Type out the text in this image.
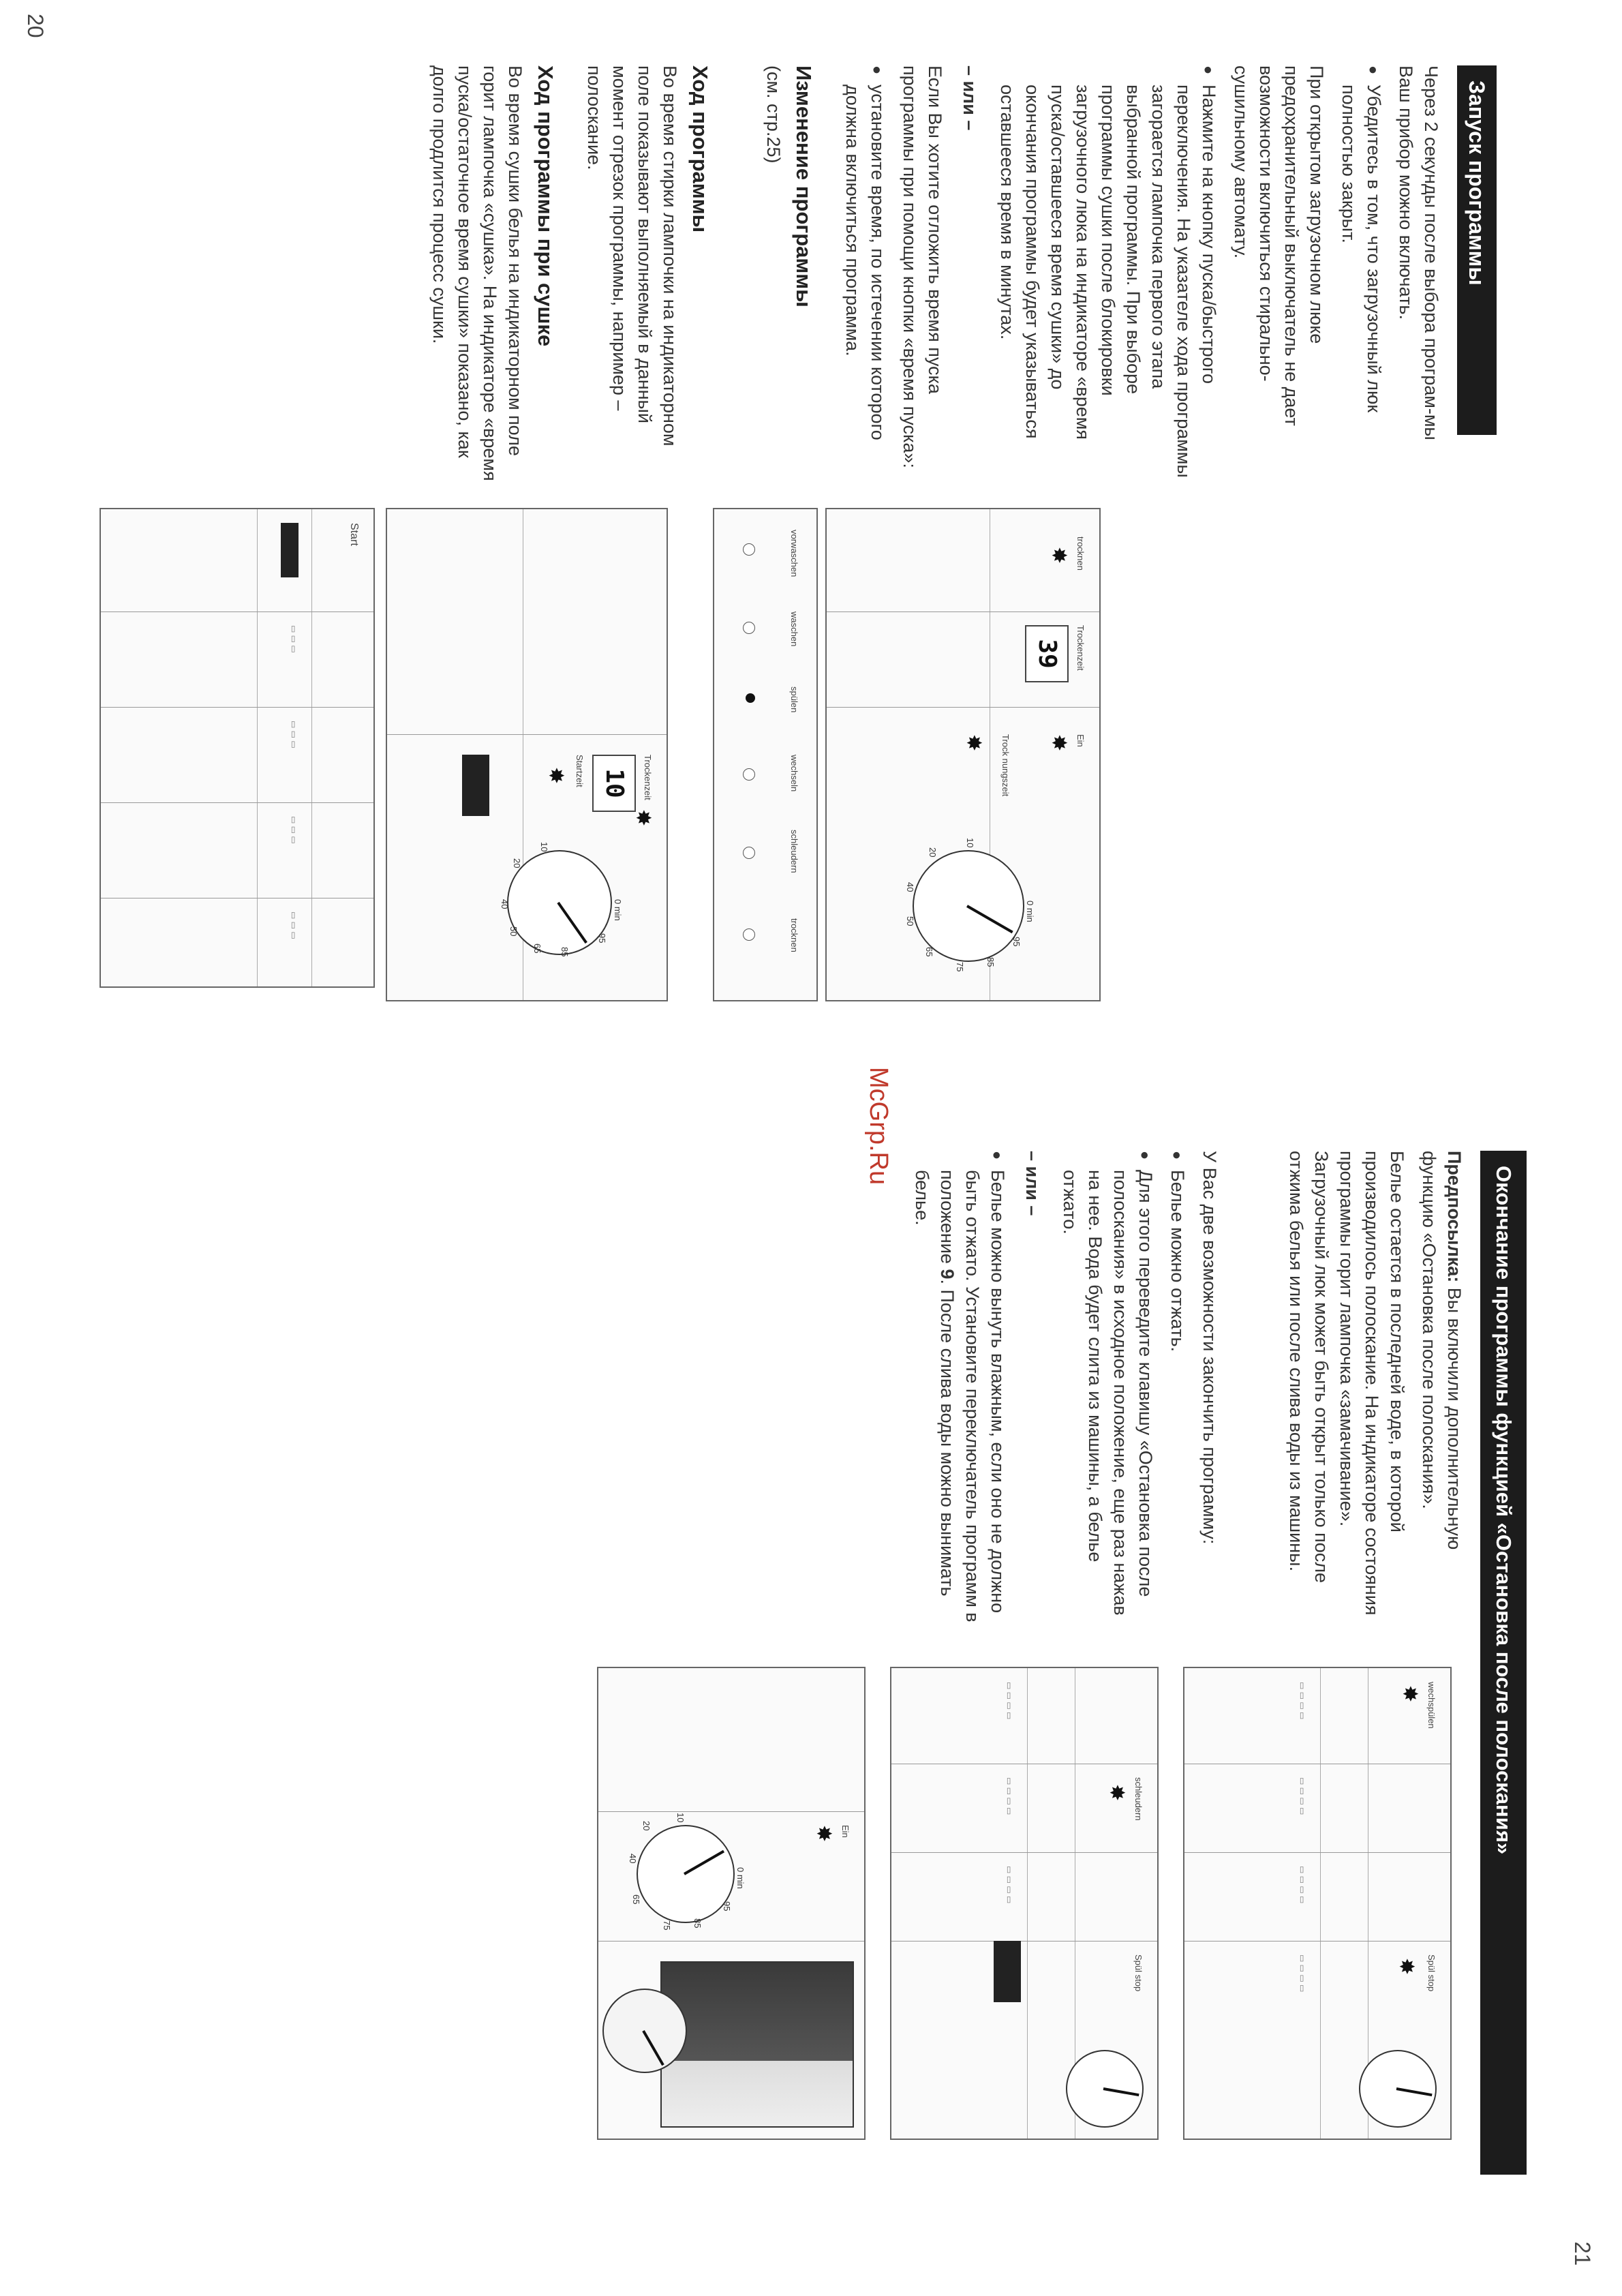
Запуск программы

Через 2 секунды после выбора програм-мы Ваш прибор можно включать.

● Убедитесь в том, что загрузочный люк полностью закрыт.

При открытом загрузочном люке предохранительный выключатель не дает возможности включиться стирально-сушильному автомату.

● Нажмите на кнопку пуска/быстрого переключения. На указателе хода программы загорается лампочка первого этапа выбранной программы. При выборе программы сушки после блокировки загрузочного люка на индикаторе «время пуска/оставшееся время сушки» до окончания программы будет указываться оставшееся время в минутах.
– или –

Если Вы хотите отложить время пуска программы при помощи кнопки «время пуска»:

● установите время, по истечении которого должна включиться программа.
Изменение программы

(см. стр.25)

Ход программы

Во время стирки лампочки на индикаторном поле показывают выполняемый в данный момент отрезок программы, например – полоскание.

Ход программы при сушке

Во время сушки белья на индикаторном поле горит лампочка «сушка». На индикаторе «время пуска/остаточное время сушки» показано, как долго продлится процесс сушки.

Start
▭ ▭ ▭
▭ ▭ ▭
▭ ▭ ▭
▭ ▭ ▭
Trockenzeit
10
Startzeit
✸
0 min
95
85
20
40
50
65
10
✸
vorwaschen
waschen
spülen
wechseln
schleudern
trocknen
trocknen
✸
Trockenzeit
39
Ein
✸
Trock nungszeit
✸
0 min
95
85
75
65
50
40
20
10
20
Окончание программы функцией «Остановка после полоскания»

Предпосылка: Вы включили дополнительную функцию «Остановка после полоскания».

Белье остается в последней воде, в которой производилось полоскание. На индикаторе состояния программы горит лампочка «замачивание». Загрузочный люк может быть открыт только после отжима белья или после слива воды из машины.

У Вас две возможности закончить программу:

● Белье можно отжать.
● Для этого переведите клавишу «Остановка после полоскания» в исходное положение, еще раз нажав на нее. Вода будет слита из машины, а белье отжато.
– или –
● Белье можно вынуть влажным, если оно не должно быть отжато. Установите переключатель программ в положение 9. После слива воды можно вынимать белье.
wechspülen
✸
Spül stop
✸
▭ ▭ ▭ ▭
▭ ▭ ▭ ▭
▭ ▭ ▭ ▭
▭ ▭ ▭ ▭
schleudern
✸
Spül stop
▭ ▭ ▭ ▭
▭ ▭ ▭ ▭
▭ ▭ ▭ ▭
Ein
✸
0 min
95
85
75
65
20
40
10
21
McGrp.Ru
